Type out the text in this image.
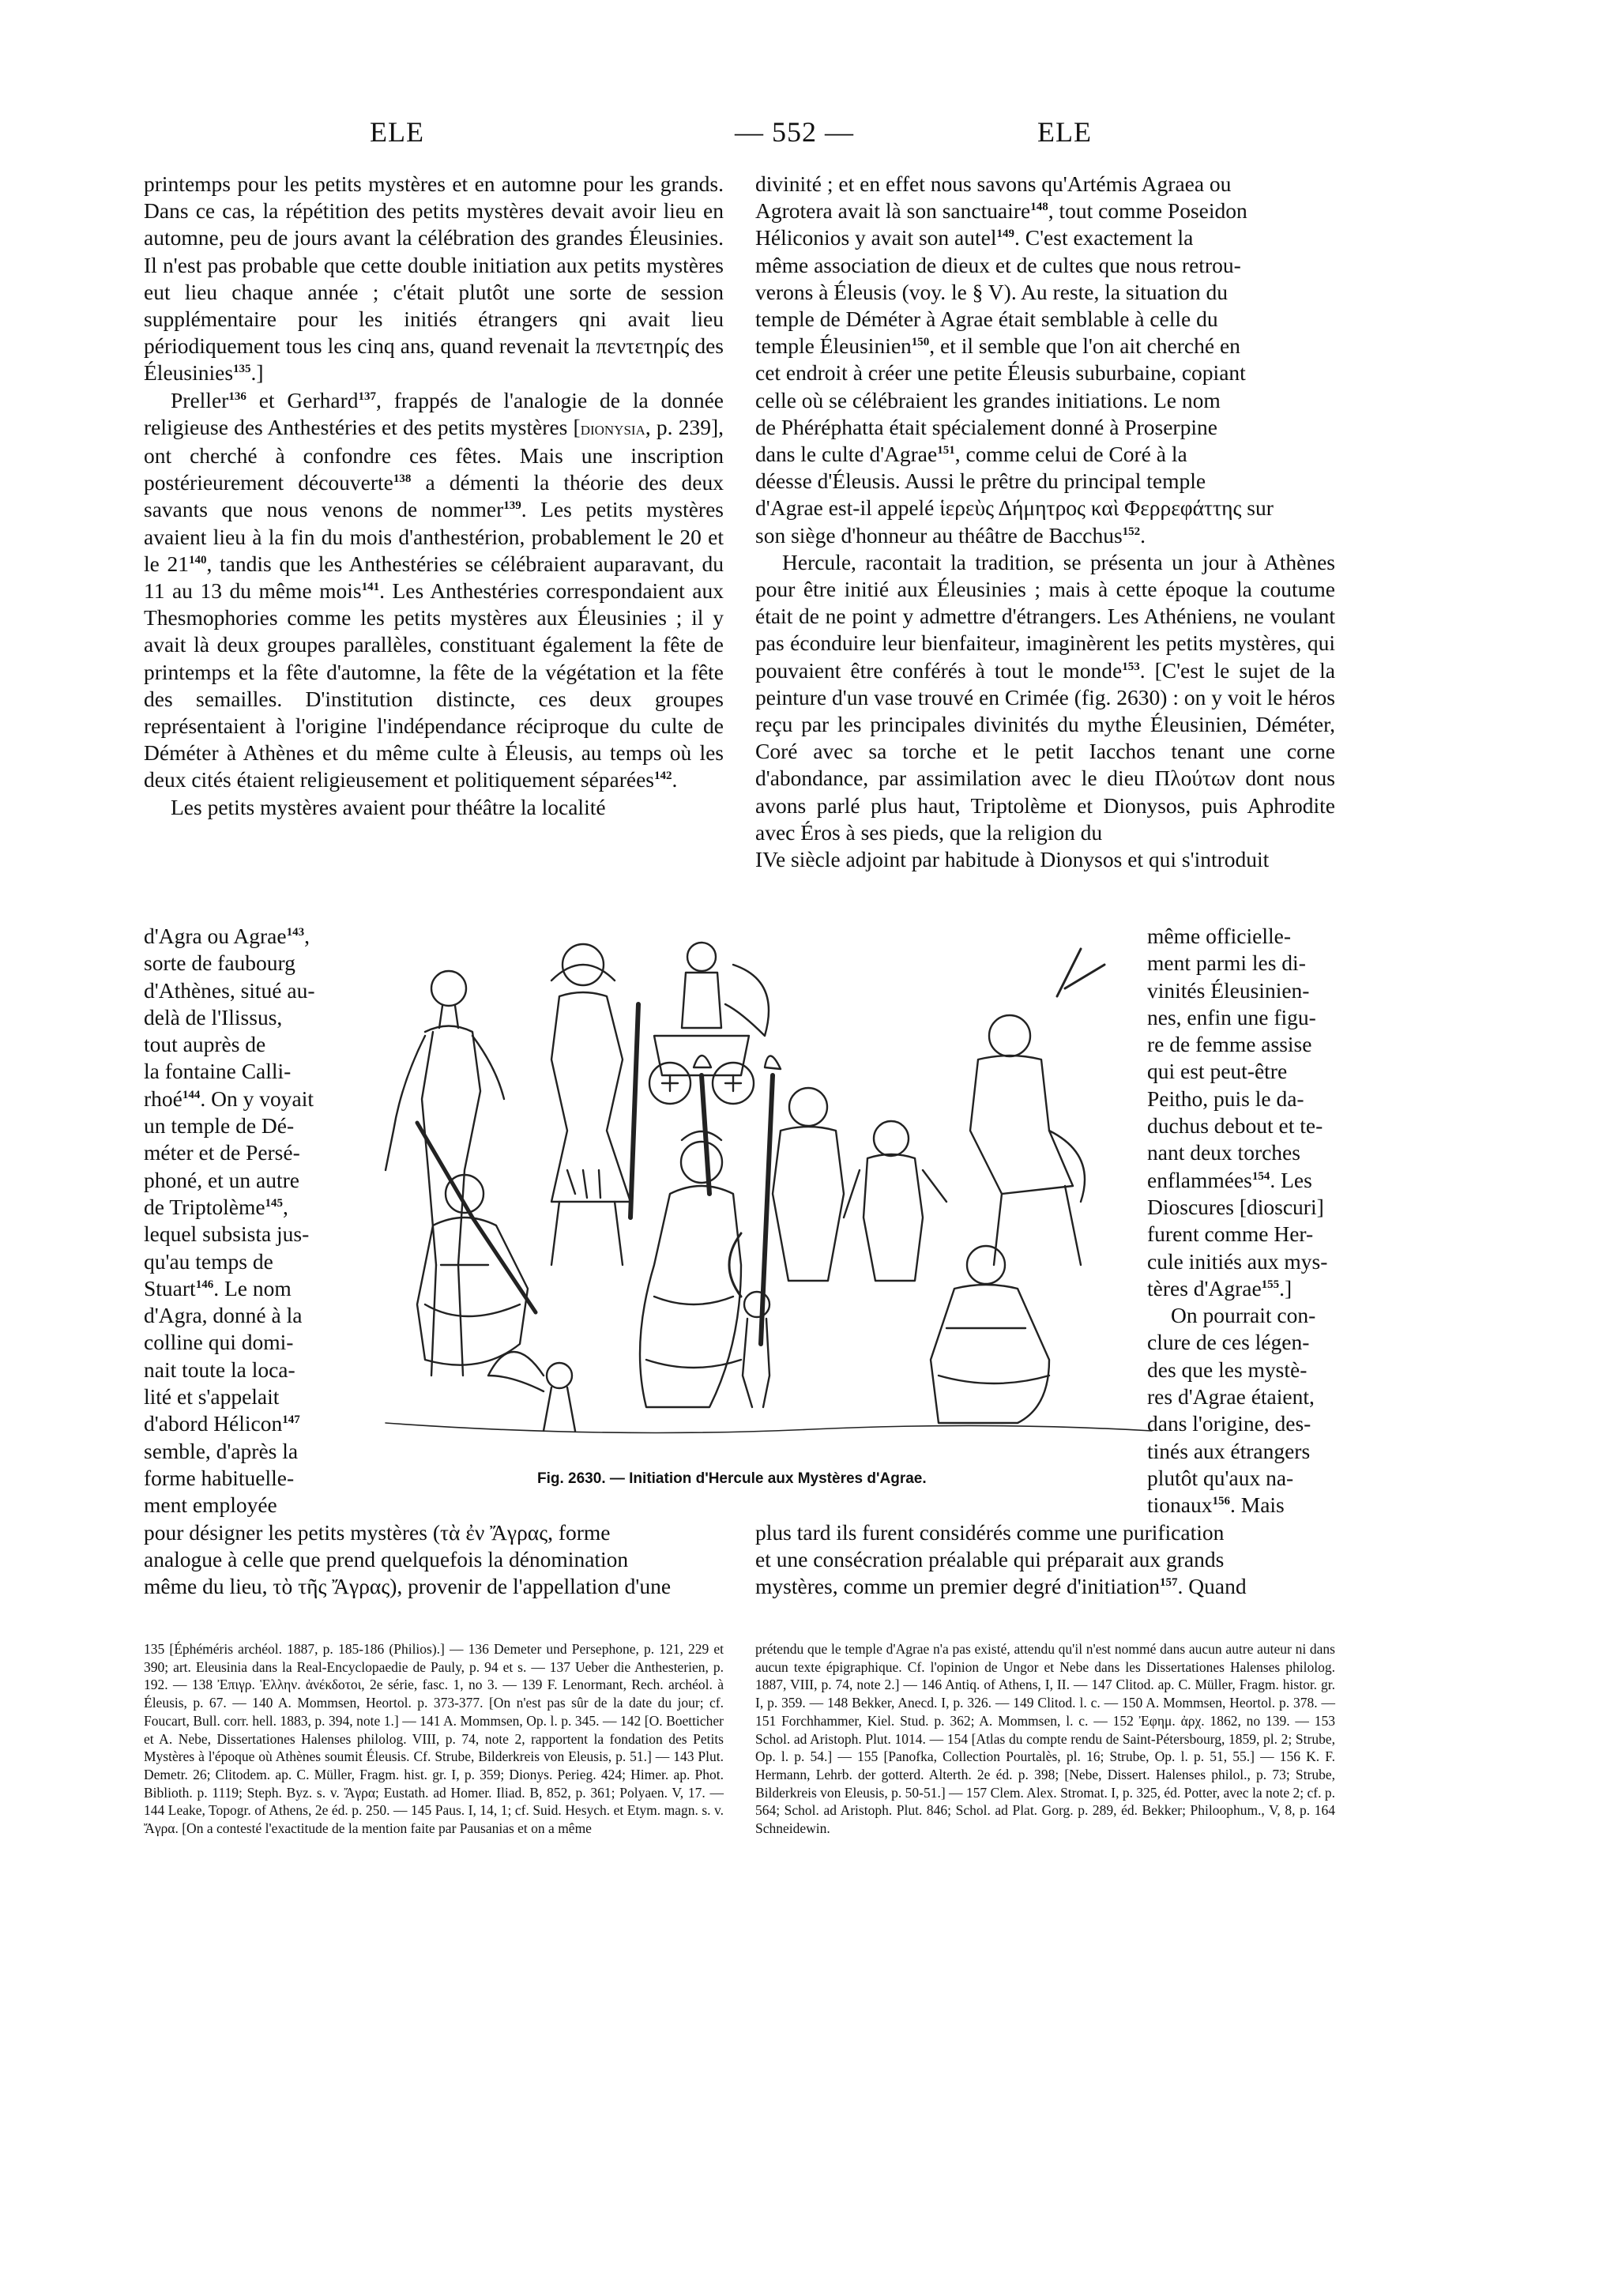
ELE	— 552 —	ELE

printemps pour les petits mystères et en automne pour les grands. Dans ce cas, la répétition des petits mystères devait avoir lieu en automne, peu de jours avant la célébration des grandes Éleusinies. Il n'est pas probable que cette double initiation aux petits mystères eut lieu chaque année ; c'était plutôt une sorte de session supplémentaire pour les initiés étrangers qni avait lieu périodiquement tous les cinq ans, quand revenait la πεντετηρίς des Éleusinies$^{135}$.]

Preller$^{136}$ et Gerhard$^{137}$, frappés de l'analogie de la donnée religieuse des Anthestéries et des petits mystères [dionysia, p. 239], ont cherché à confondre ces fêtes. Mais une inscription postérieurement découverte$^{138}$ a démenti la théorie des deux savants que nous venons de nommer$^{139}$. Les petits mystères avaient lieu à la fin du mois d'anthestérion, probablement le 20 et le $21^{140}$, tandis que les Anthestéries se célébraient auparavant, du 11 au 13 du même mois$^{141}$. Les Anthestéries correspondaient aux Thesmophories comme les petits mystères aux Éleusinies ; il y avait là deux groupes parallèles, constituant également la fête de printemps et la fête d'automne, la fête de la végétation et la fête des semailles. D'institution distincte, ces deux groupes représentaient à l'origine l'indépendance réciproque du culte de Déméter à Athènes et du même culte à Éleusis, au temps où les deux cités étaient religieusement et politiquement séparées$^{142}$.

Les petits mystères avaient pour théâtre la localité

d'Agra ou Agrae$^{143}$,
sorte de faubourg
d'Athènes, situé au-
delà de l'Ilissus,
tout auprès de
la fontaine Calli-
rhoé$^{144}$. On y voyait
un temple de Dé-
méter et de Persé-
phoné, et un autre
de Triptolème$^{145}$,
lequel subsista jus-
qu'au temps de
Stuart$^{146}$. Le nom
d'Agra, donné à la
colline qui domi-
nait toute la loca-
lité et s'appelait
d'abord Hélicon$^{147}$
semble, d'après la
forme habituelle-
ment employée
pour désigner les petits mystères (τὰ ἐν Ἄγρας, forme
analogue à celle que prend quelquefois la dénomination
même du lieu, τὸ τῆς Ἄγρας), provenir de l'appellation d'une
divinité ; et en effet nous savons qu'Artémis Agraea ou
Agrotera avait là son sanctuaire$^{148}$, tout comme Poseidon
Héliconios y avait son autel$^{149}$. C'est exactement la
même association de dieux et de cultes que nous retrou-
verons à Éleusis (voy. le § V). Au reste, la situation du
temple de Déméter à Agrae était semblable à celle du
temple Éleusinien$^{150}$, et il semble que l'on ait cherché en
cet endroit à créer une petite Éleusis suburbaine, copiant
celle où se célébraient les grandes initiations. Le nom
de Phéréphatta était spécialement donné à Proserpine
dans le culte d'Agrae$^{151}$, comme celui de Coré à la
déesse d'Éleusis. Aussi le prêtre du principal temple
d'Agrae est-il appelé ἱερεὺς Δήμητρος καὶ Φερρεφάττης sur
son siège d'honneur au théâtre de Bacchus$^{152}$.

Hercule, racontait la tradition, se présenta un jour à Athènes pour être initié aux Éleusinies ; mais à cette époque la coutume était de ne point y admettre d'étrangers. Les Athéniens, ne voulant pas éconduire leur bienfaiteur, imaginèrent les petits mystères, qui pouvaient être conférés à tout le monde$^{153}$. [C'est le sujet de la peinture d'un vase trouvé en Crimée (fig. 2630) : on y voit le héros reçu par les principales divinités du mythe Éleusinien, Déméter, Coré avec sa torche et le petit Iacchos tenant une corne d'abondance, par assimilation avec le dieu Πλούτων dont nous avons parlé plus haut, Triptolème et Dionysos, puis Aphrodite avec Éros à ses pieds, que la religion du

IVe siècle adjoint par habitude à Dionysos et qui s'introduit
même officielle-
ment parmi les di-
vinités Éleusinien-
nes, enfin une figu-
re de femme assise
qui est peut-être
Peitho, puis le da-
duchus debout et te-
nant deux torches
enflammées$^{154}$. Les
Dioscures [dioscuri]
furent comme Her-
cule initiés aux mys-
tères d'Agrae$^{155}$.]
On pourrait con-
clure de ces légen-
des que les mystè-
res d'Agrae étaient,
dans l'origine, des-
tinés aux étrangers
plutôt qu'aux na-
tionaux$^{156}$. Mais
plus tard ils furent considérés comme une purification
et une consécration préalable qui préparait aux grands
mystères, comme un premier degré d'initiation$^{157}$. Quand
Fig. 2630. — Initiation d'Hercule aux Mystères d'Agrae.
135 [Éphéméris archéol. 1887, p. 185-186 (Philios).] — 136 Demeter und Persephone, p. 121, 229 et 390; art. Eleusinia dans la Real-Encyclopaedie de Pauly, p. 94 et s. — 137 Ueber die Anthesterien, p. 192. — 138 Ἐπιγρ. Ἑλλην. ἀνέκδοτοι, 2e série, fasc. 1, no 3. — 139 F. Lenormant, Rech. archéol. à Éleusis, p. 67. — 140 A. Mommsen, Heortol. p. 373-377. [On n'est pas sûr de la date du jour; cf. Foucart, Bull. corr. hell. 1883, p. 394, note 1.] — 141 A. Mommsen, Op. l. p. 345. — 142 [O. Boetticher et A. Nebe, Dissertationes Halenses philolog. VIII, p. 74, note 2, rapportent la fondation des Petits Mystères à l'époque où Athènes soumit Éleusis. Cf. Strube, Bilderkreis von Eleusis, p. 51.] — 143 Plut. Demetr. 26; Clitodem. ap. C. Müller, Fragm. hist. gr. I, p. 359; Dionys. Perieg. 424; Himer. ap. Phot. Biblioth. p. 1119; Steph. Byz. s. v. Ἄγρα; Eustath. ad Homer. Iliad. B, 852, p. 361; Polyaen. V, 17. — 144 Leake, Topogr. of Athens, 2e éd. p. 250. — 145 Paus. I, 14, 1; cf. Suid. Hesych. et Etym. magn. s. v. Ἄγρα. [On a contesté l'exactitude de la mention faite par Pausanias et on a même
prétendu que le temple d'Agrae n'a pas existé, attendu qu'il n'est nommé dans aucun autre auteur ni dans aucun texte épigraphique. Cf. l'opinion de Ungor et Nebe dans les Dissertationes Halenses philolog. 1887, VIII, p. 74, note 2.] — 146 Antiq. of Athens, I, II. — 147 Clitod. ap. C. Müller, Fragm. histor. gr. I, p. 359. — 148 Bekker, Anecd. I, p. 326. — 149 Clitod. l. c. — 150 A. Mommsen, Heortol. p. 378. — 151 Forchhammer, Kiel. Stud. p. 362; A. Mommsen, l. c. — 152 Ἐφημ. ἀρχ. 1862, no 139. — 153 Schol. ad Aristoph. Plut. 1014. — 154 [Atlas du compte rendu de Saint-Pétersbourg, 1859, pl. 2; Strube, Op. l. p. 54.] — 155 [Panofka, Collection Pourtalès, pl. 16; Strube, Op. l. p. 51, 55.] — 156 K. F. Hermann, Lehrb. der gotterd. Alterth. 2e éd. p. 398; [Nebe, Dissert. Halenses philol., p. 73; Strube, Bilderkreis von Eleusis, p. 50-51.] — 157 Clem. Alex. Stromat. I, p. 325, éd. Potter, avec la note 2; cf. p. 564; Schol. ad Aristoph. Plut. 846; Schol. ad Plat. Gorg. p. 289, éd. Bekker; Philoophum., V, 8, p. 164 Schneidewin.
